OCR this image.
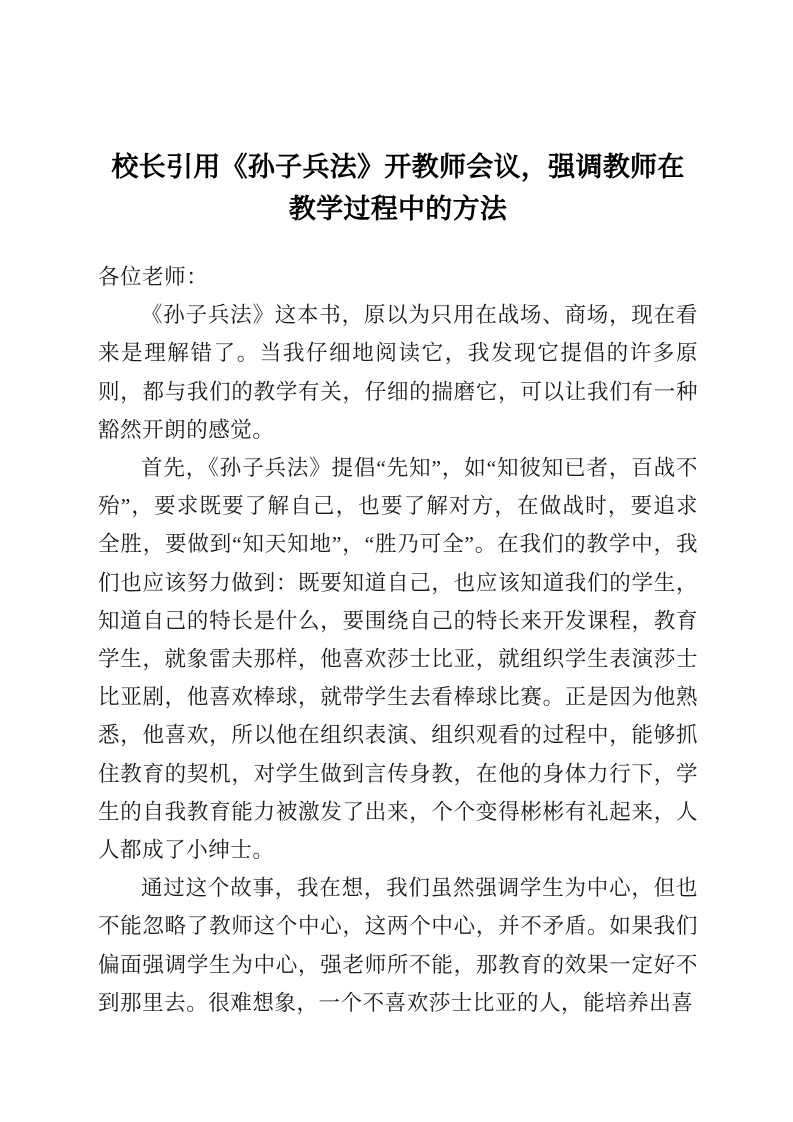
校长引用《孙子兵法》开教师会议，强调教师在教学过程中的方法

各位老师：

《孙子兵法》这本书，原以为只用在战场、商场，现在看来是理解错了。当我仔细地阅读它，我发现它提倡的许多原则，都与我们的教学有关，仔细的揣磨它，可以让我们有一种豁然开朗的感觉。

首先，《孙子兵法》提倡“先知”，如“知彼知已者，百战不殆”，要求既要了解自己，也要了解对方，在做战时，要追求全胜，要做到“知天知地”，“胜乃可全”。在我们的教学中，我们也应该努力做到：既要知道自己，也应该知道我们的学生，知道自己的特长是什么，要围绕自己的特长来开发课程，教育学生，就象雷夫那样，他喜欢莎士比亚，就组织学生表演莎士比亚剧，他喜欢棒球，就带学生去看棒球比赛。正是因为他熟悉，他喜欢，所以他在组织表演、组织观看的过程中，能够抓住教育的契机，对学生做到言传身教，在他的身体力行下，学生的自我教育能力被激发了出来，个个变得彬彬有礼起来，人人都成了小绅士。

通过这个故事，我在想，我们虽然强调学生为中心，但也不能忽略了教师这个中心，这两个中心，并不矛盾。如果我们偏面强调学生为中心，强老师所不能，那教育的效果一定好不到那里去。很难想象，一个不喜欢莎士比亚的人，能培养出喜
